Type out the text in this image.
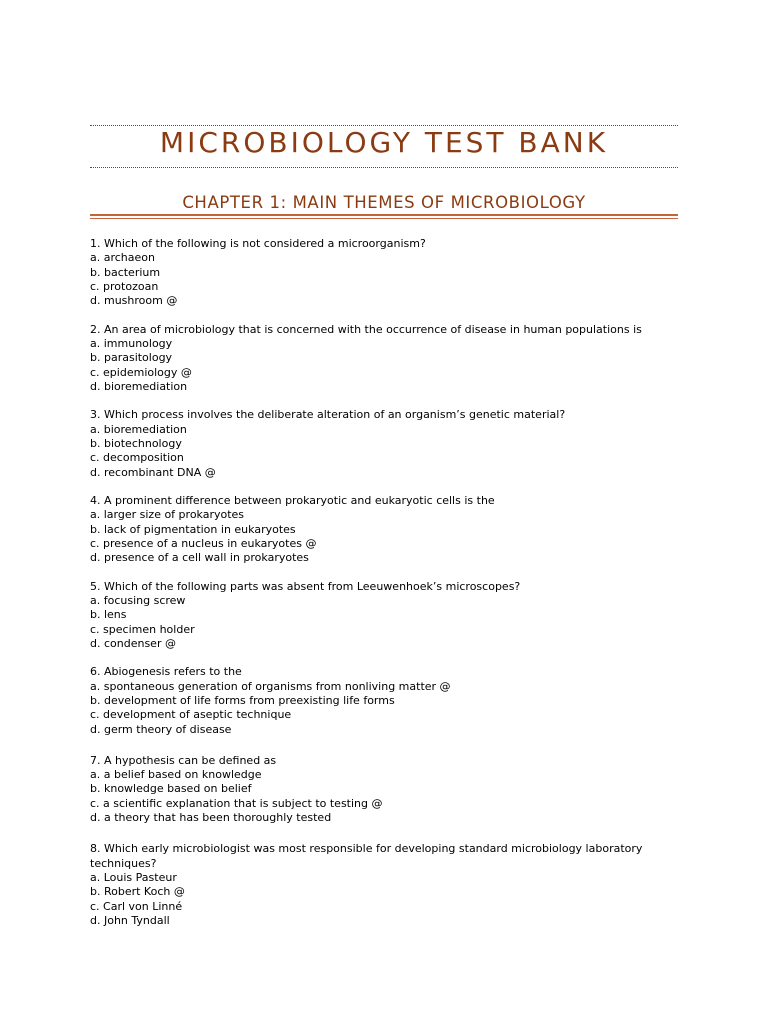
MICROBIOLOGY TEST BANK
CHAPTER 1: MAIN THEMES OF MICROBIOLOGY
1. Which of the following is not considered a microorganism?
a. archaeon
b. bacterium
c. protozoan
d. mushroom @
2. An area of microbiology that is concerned with the occurrence of disease in human populations is
a. immunology
b. parasitology
c. epidemiology @
d. bioremediation
3. Which process involves the deliberate alteration of an organism’s genetic material?
a. bioremediation
b. biotechnology
c. decomposition
d. recombinant DNA @
4. A prominent difference between prokaryotic and eukaryotic cells is the
a. larger size of prokaryotes
b. lack of pigmentation in eukaryotes
c. presence of a nucleus in eukaryotes @
d. presence of a cell wall in prokaryotes
5. Which of the following parts was absent from Leeuwenhoek’s microscopes?
a. focusing screw
b. lens
c. specimen holder
d. condenser @
6. Abiogenesis refers to the
a. spontaneous generation of organisms from nonliving matter @
b. development of life forms from preexisting life forms
c. development of aseptic technique
d. germ theory of disease
7. A hypothesis can be defined as
a. a belief based on knowledge
b. knowledge based on belief
c. a scientific explanation that is subject to testing @
d. a theory that has been thoroughly tested
8. Which early microbiologist was most responsible for developing standard microbiology laboratory techniques?
a. Louis Pasteur
b. Robert Koch @
c. Carl von Linné
d. John Tyndall
